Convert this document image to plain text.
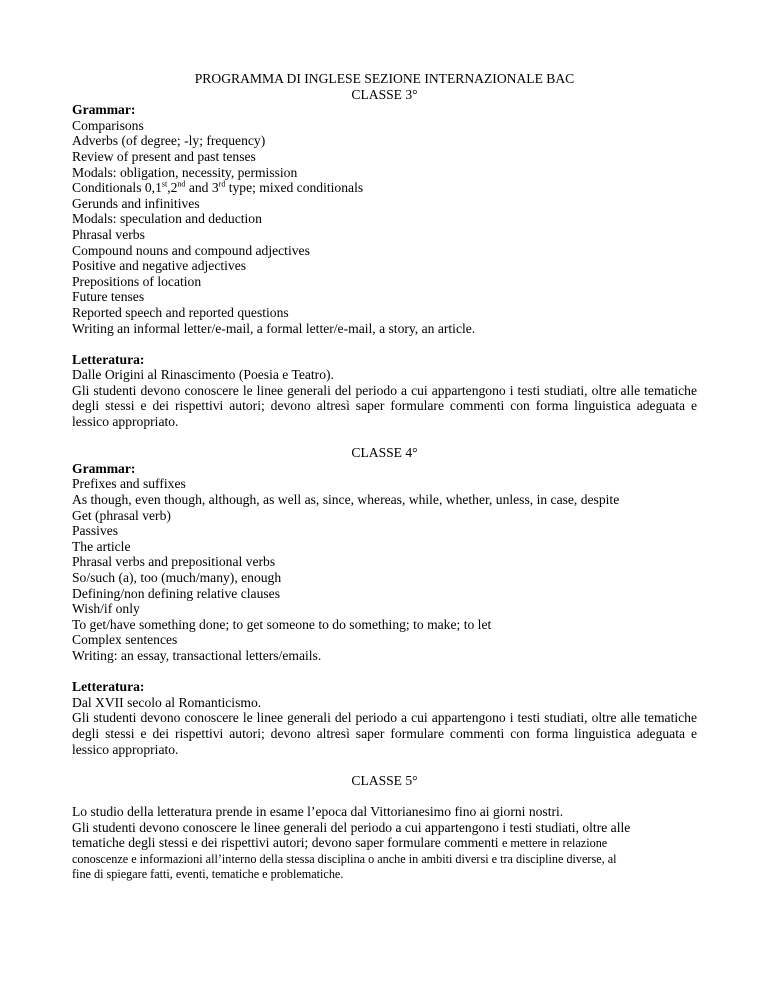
PROGRAMMA DI INGLESE SEZIONE INTERNAZIONALE BAC
CLASSE 3°
Grammar:
Comparisons
Adverbs (of degree; -ly; frequency)
Review of present and past tenses
Modals: obligation, necessity, permission
Conditionals 0,1st,2nd and 3rd type; mixed conditionals
Gerunds and infinitives
Modals: speculation and deduction
Phrasal verbs
Compound nouns and compound adjectives
Positive and negative adjectives
Prepositions of location
Future tenses
Reported speech and reported questions
Writing an informal letter/e-mail, a formal letter/e-mail, a story, an article.
Letteratura:
Dalle Origini al Rinascimento (Poesia e Teatro).
Gli studenti devono conoscere le linee generali del periodo a cui appartengono i testi studiati, oltre alle tematiche degli stessi e dei rispettivi autori; devono altresì saper formulare commenti con forma linguistica adeguata e lessico appropriato.
CLASSE 4°
Grammar:
Prefixes and suffixes
As though, even though, although, as well as, since, whereas, while, whether, unless, in case, despite
Get (phrasal verb)
Passives
The article
Phrasal verbs and prepositional verbs
So/such (a), too (much/many), enough
Defining/non defining relative clauses
Wish/if only
To get/have something done; to get someone to do something; to make; to let
Complex sentences
Writing: an essay, transactional letters/emails.
Letteratura:
Dal XVII secolo al Romanticismo.
Gli studenti devono conoscere le linee generali del periodo a cui appartengono i testi studiati, oltre alle tematiche degli stessi e dei rispettivi autori; devono altresì saper formulare commenti con forma linguistica adeguata e lessico appropriato.
CLASSE 5°
Lo studio della letteratura prende in esame l’epoca dal Vittorianesimo fino ai giorni nostri.
Gli studenti devono conoscere le linee generali del periodo a cui appartengono i testi studiati, oltre alle
tematiche degli stessi e dei rispettivi autori; devono saper formulare commenti e mettere in relazione
conoscenze e informazioni all’interno della stessa disciplina o anche in ambiti diversi e tra discipline diverse, al
fine di spiegare fatti, eventi, tematiche e problematiche.
